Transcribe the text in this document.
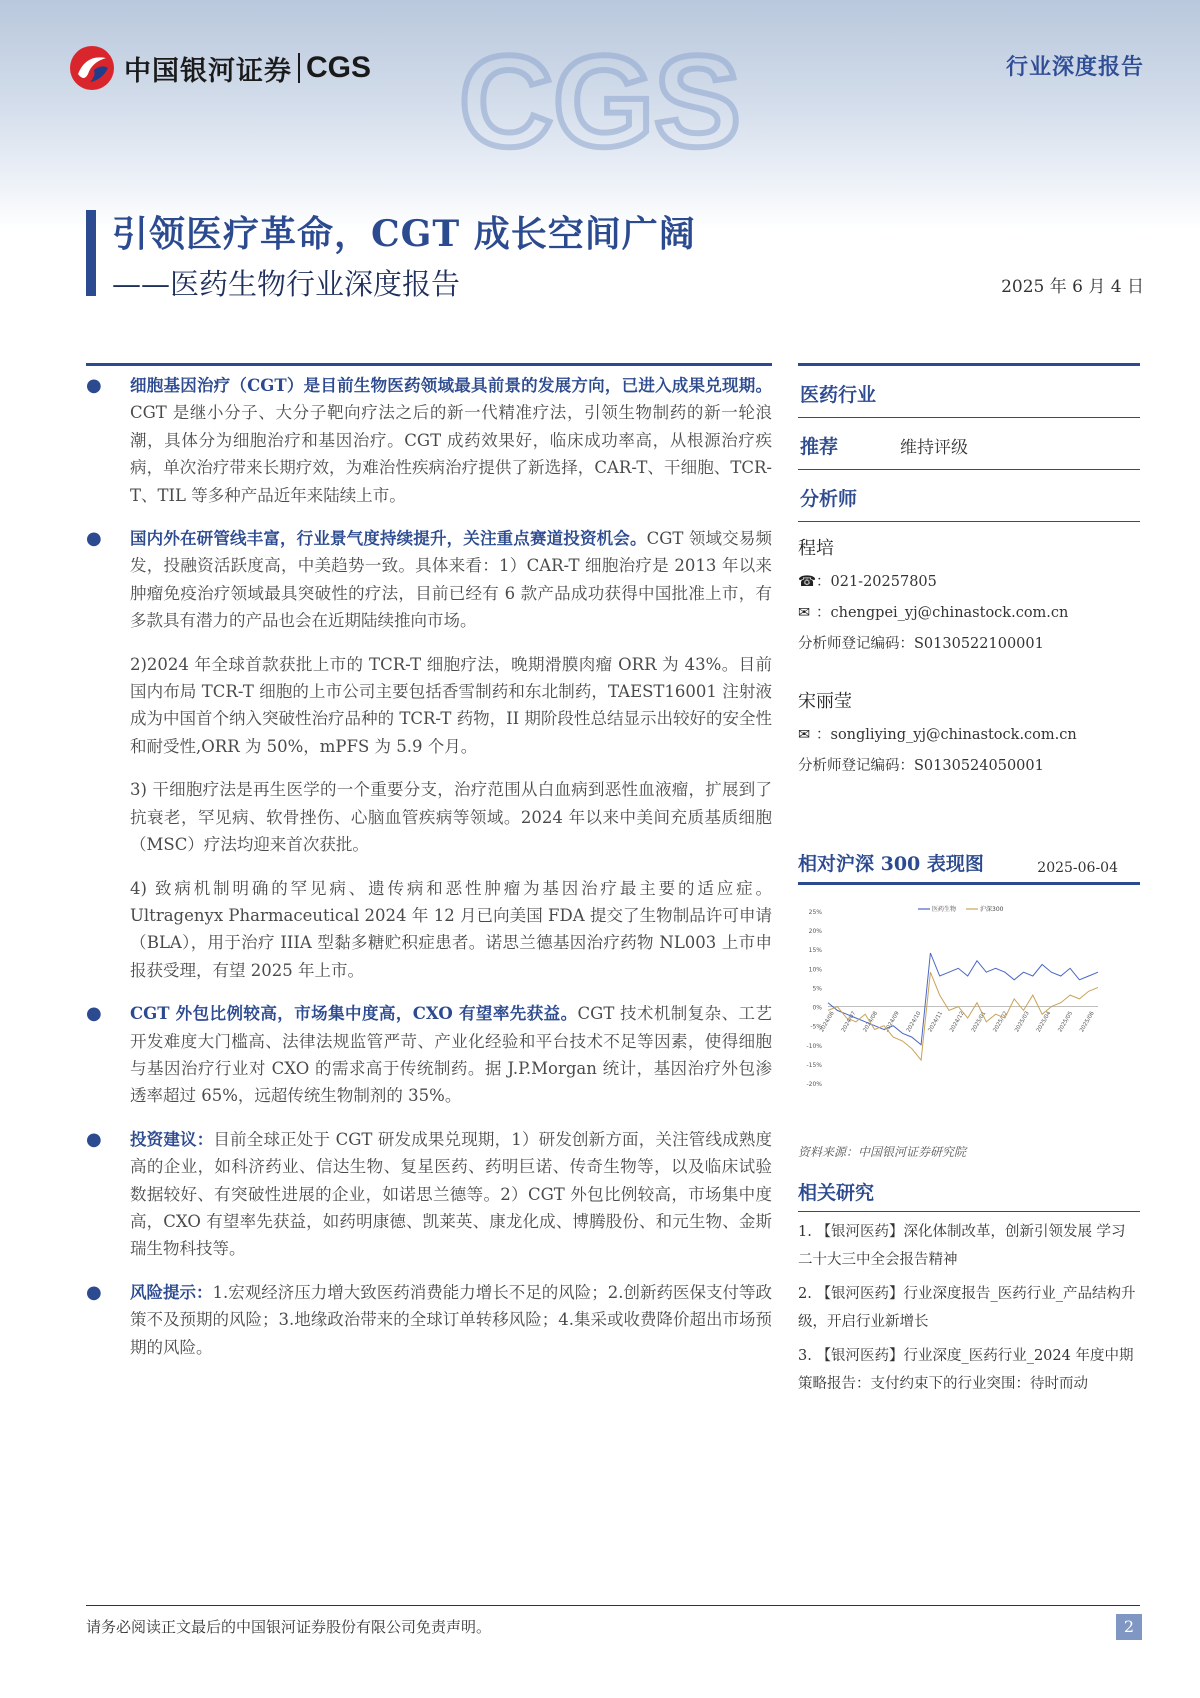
中国银河证券 CGS CGS	行业深度报告
引领医疗革命，CGT 成长空间广阔
——医药生物行业深度报告	2025 年 6 月 4 日
● 细胞基因治疗（CGT）是目前生物医药领域最具前景的发展方向，已进入成果兑现期。CGT 是继小分子、大分子靶向疗法之后的新一代精准疗法，引领生物制药的新一轮浪潮，具体分为细胞治疗和基因治疗。CGT 成药效果好，临床成功率高，从根源治疗疾病，单次治疗带来长期疗效，为难治性疾病治疗提供了新选择，CAR-T、干细胞、TCR-T、TIL 等多种产品近年来陆续上市。
● 国内外在研管线丰富，行业景气度持续提升，关注重点赛道投资机会。CGT 领域交易频发，投融资活跃度高，中美趋势一致。具体来看：1）CAR-T 细胞治疗是 2013 年以来肿瘤免疫治疗领域最具突破性的疗法，目前已经有 6 款产品成功获得中国批准上市，有多款具有潜力的产品也会在近期陆续推向市场。
2)2024 年全球首款获批上市的 TCR-T 细胞疗法，晚期滑膜肉瘤 ORR 为 43%。目前国内布局 TCR-T 细胞的上市公司主要包括香雪制药和东北制药，TAEST16001 注射液成为中国首个纳入突破性治疗品种的 TCR-T 药物，II 期阶段性总结显示出较好的安全性和耐受性,ORR 为 50%，mPFS 为 5.9 个月。
3) 干细胞疗法是再生医学的一个重要分支，治疗范围从白血病到恶性血液瘤，扩展到了抗衰老，罕见病、软骨挫伤、心脑血管疾病等领域。2024 年以来中美间充质基质细胞（MSC）疗法均迎来首次获批。
4) 致病机制明确的罕见病、遗传病和恶性肿瘤为基因治疗最主要的适应症。Ultragenyx Pharmaceutical 2024 年 12 月已向美国 FDA 提交了生物制品许可申请（BLA），用于治疗 IIIA 型黏多糖贮积症患者。诺思兰德基因治疗药物 NL003 上市申报获受理，有望 2025 年上市。
● CGT 外包比例较高，市场集中度高，CXO 有望率先获益。CGT 技术机制复杂、工艺开发难度大门槛高、法律法规监管严苛、产业化经验和平台技术不足等因素，使得细胞与基因治疗行业对 CXO 的需求高于传统制药。据 J.P.Morgan 统计，基因治疗外包渗透率超过 65%，远超传统生物制剂的 35%。
● 投资建议：目前全球正处于 CGT 研发成果兑现期，1）研发创新方面，关注管线成熟度高的企业，如科济药业、信达生物、复星医药、药明巨诺、传奇生物等，以及临床试验数据较好、有突破性进展的企业，如诺思兰德等。2）CGT 外包比例较高，市场集中度高，CXO 有望率先获益，如药明康德、凯莱英、康龙化成、博腾股份、和元生物、金斯瑞生物科技等。
● 风险提示：1.宏观经济压力增大致医药消费能力增长不足的风险；2.创新药医保支付等政策不及预期的风险；3.地缘政治带来的全球订单转移风险；4.集采或收费降价超出市场预期的风险。
医药行业
推荐	维持评级
分析师
程培
☎：021-20257805
✉ ：chengpei_yj@chinastock.com.cn
分析师登记编码：S0130522100001
宋丽莹
✉ ：songliying_yj@chinastock.com.cn
分析师登记编码：S0130524050001
相对沪深 300 表现图	2025-06-04
25%
20%
15%
10%
5%
0%
-5%
-10%
-15%
-20%
2024/06 2024/07 2024/08 2024/09 2024/10 2024/11 2024/12 2025/01 2025/02 2025/03 2025/04 2025/05 2025/06
医药生物	沪深300
资料来源：中国银河证券研究院
相关研究
1. 【银河医药】深化体制改革，创新引领发展 学习二十大三中全会报告精神
2. 【银河医药】行业深度报告_医药行业_产品结构升级，开启行业新增长
3. 【银河医药】行业深度_医药行业_2024 年度中期策略报告：支付约束下的行业突围：待时而动
请务必阅读正文最后的中国银河证券股份有限公司免责声明。	2
